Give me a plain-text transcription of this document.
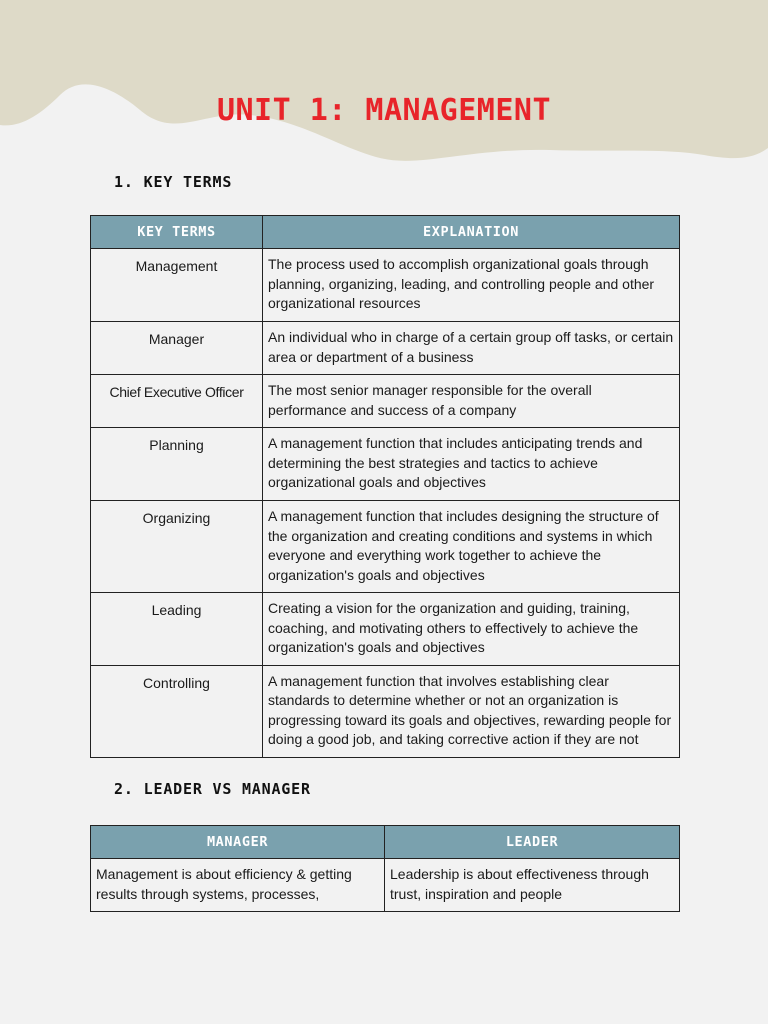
UNIT 1: MANAGEMENT
1. KEY TERMS
KEY TERMS	EXPLANATION
Management	The process used to accomplish organizational goals through planning, organizing, leading, and controlling people and other organizational resources
Manager	An individual who in charge of a certain group off tasks, or certain area or department of a business
Chief Executive Officer	The most senior manager responsible for the overall performance and success of a company
Planning	A management function that includes anticipating trends and determining the best strategies and tactics to achieve organizational goals and objectives
Organizing	A management function that includes designing the structure of the organization and creating conditions and systems in which everyone and everything work together to achieve the organization's goals and objectives
Leading	Creating a vision for the organization and guiding, training, coaching, and motivating others to effectively to achieve the organization's goals and objectives
Controlling	A management function that involves establishing clear standards to determine whether or not an organization is progressing toward its goals and objectives, rewarding people for doing a good job, and taking corrective action if they are not
2. LEADER VS MANAGER
MANAGER	LEADER
Management is about efficiency & getting results through systems, processes,	Leadership is about effectiveness through trust, inspiration and people
